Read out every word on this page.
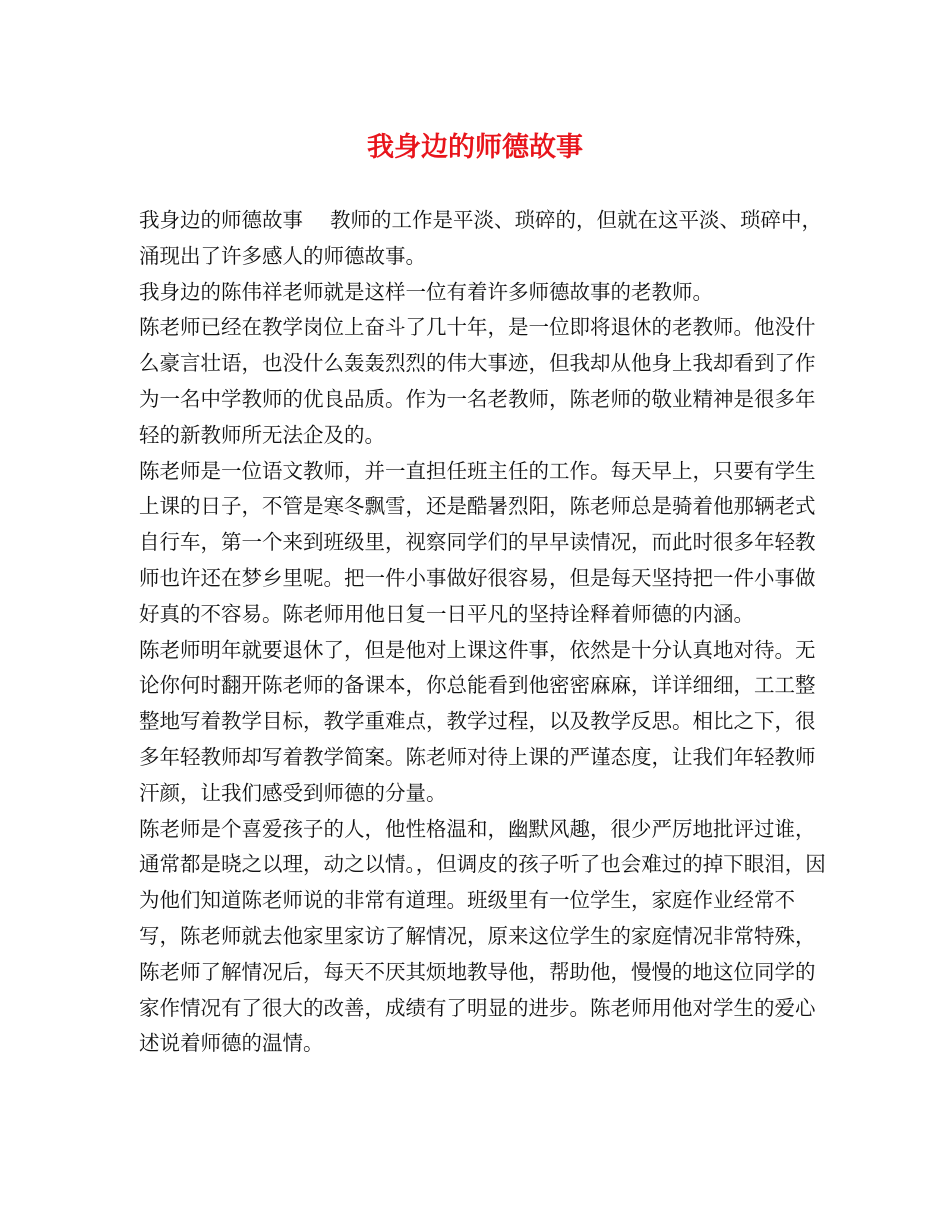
我身边的师德故事

我身边的师德故事　 教师的工作是平淡、琐碎的，但就在这平淡、琐碎中，涌现出了许多感人的师德故事。

我身边的陈伟祥老师就是这样一位有着许多师德故事的老教师。

陈老师已经在教学岗位上奋斗了几十年，是一位即将退休的老教师。他没什么豪言壮语，也没什么轰轰烈烈的伟大事迹，但我却从他身上我却看到了作为一名中学教师的优良品质。作为一名老教师，陈老师的敬业精神是很多年轻的新教师所无法企及的。

陈老师是一位语文教师，并一直担任班主任的工作。每天早上，只要有学生上课的日子，不管是寒冬飘雪，还是酷暑烈阳，陈老师总是骑着他那辆老式自行车，第一个来到班级里，视察同学们的早早读情况，而此时很多年轻教师也许还在梦乡里呢。把一件小事做好很容易，但是每天坚持把一件小事做好真的不容易。陈老师用他日复一日平凡的坚持诠释着师德的内涵。

陈老师明年就要退休了，但是他对上课这件事，依然是十分认真地对待。无论你何时翻开陈老师的备课本，你总能看到他密密麻麻，详详细细，工工整整地写着教学目标，教学重难点，教学过程，以及教学反思。相比之下，很多年轻教师却写着教学简案。陈老师对待上课的严谨态度，让我们年轻教师汗颜，让我们感受到师德的分量。

陈老师是个喜爱孩子的人，他性格温和，幽默风趣，很少严厉地批评过谁，通常都是晓之以理，动之以情。，但调皮的孩子听了也会难过的掉下眼泪，因为他们知道陈老师说的非常有道理。班级里有一位学生，家庭作业经常不写，陈老师就去他家里家访了解情况，原来这位学生的家庭情况非常特殊，陈老师了解情况后，每天不厌其烦地教导他，帮助他，慢慢的地这位同学的家作情况有了很大的改善，成绩有了明显的进步。陈老师用他对学生的爱心述说着师德的温情。
